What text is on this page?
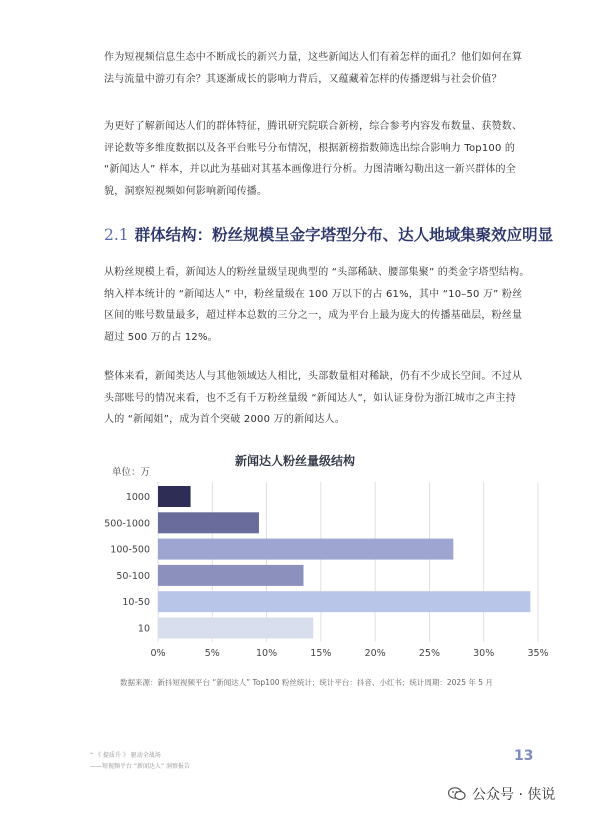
作为短视频信息生态中不断成长的新兴力量，这些新闻达人们有着怎样的面孔？他们如何在算
法与流量中游刃有余？其逐渐成长的影响力背后，又蕴藏着怎样的传播逻辑与社会价值？
为更好了解新闻达人们的群体特征，腾讯研究院联合新榜，综合参考内容发布数量、获赞数、
评论数等多维度数据以及各平台账号分布情况，根据新榜指数筛选出综合影响力 Top100 的
“新闻达人” 样本，并以此为基础对其基本画像进行分析。力图清晰勾勒出这一新兴群体的全
貌，洞察短视频如何影响新闻传播。
2.1 群体结构：粉丝规模呈金字塔型分布、达人地域集聚效应明显
从粉丝规模上看，新闻达人的粉丝量级呈现典型的 “头部稀缺、腰部集聚” 的类金字塔型结构。
纳入样本统计的 “新闻达人” 中，粉丝量级在 100 万以下的占 61%，其中 “10–50 万” 粉丝
区间的账号数量最多，超过样本总数的三分之一，成为平台上最为庞大的传播基础层，粉丝量
超过 500 万的占 12%。
整体来看，新闻类达人与其他领域达人相比，头部数量相对稀缺，仍有不少成长空间。不过从
头部账号的情况来看，也不乏有千万粉丝量级 “新闻达人”，如认证身份为浙江城市之声主持
人的 “新闻姐”，成为首个突破 2000 万的新闻达人。
新闻达人粉丝量级结构
0%	5%	10%	15%	20%	25%	30%	35%
单位：万
1000
500-1000
100-500
50-100
10-50
10
数据来源：新抖短视频平台 “新闻达人” Top100 粉丝统计；统计平台：抖音、小红书；统计周期：2025 年 5 月
“ 《 提质升 》 驱动全战场
——短视频平台 “新闻达人” 洞察报告
13
公众号 · 侠说
